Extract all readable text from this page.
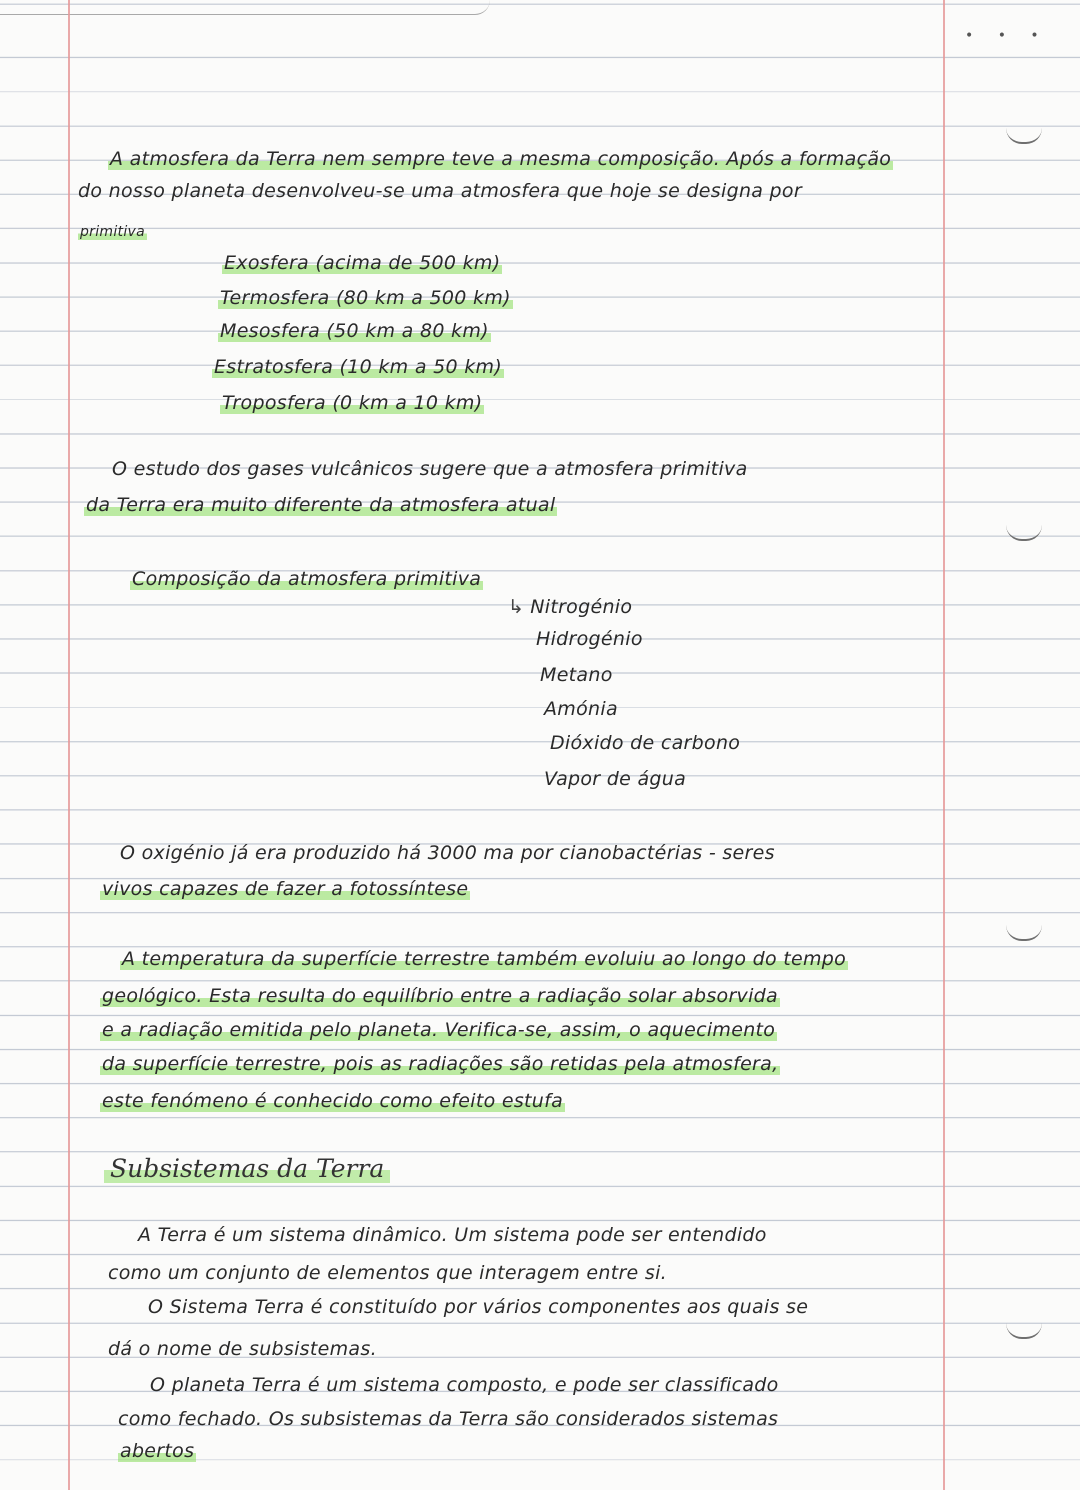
• • •

A atmosfera da Terra nem sempre teve a mesma composição. Após a formação

do nosso planeta desenvolveu-se uma atmosfera que hoje se designa por

primitiva

Exosfera (acima de 500 km)

Termosfera (80 km a 500 km)

Mesosfera (50 km a 80 km)

Estratosfera (10 km a 50 km)

Troposfera (0 km a 10 km)

O estudo dos gases vulcânicos sugere que a atmosfera primitiva

da Terra era muito diferente da atmosfera atual

Composição da atmosfera primitiva

↳ Nitrogénio

Hidrogénio

Metano

Amónia

Dióxido de carbono

Vapor de água

O oxigénio já era produzido há 3000 ma por cianobactérias - seres

vivos capazes de fazer a fotossíntese

A temperatura da superfície terrestre também evoluiu ao longo do tempo

geológico. Esta resulta do equilíbrio entre a radiação solar absorvida

e a radiação emitida pelo planeta. Verifica-se, assim, o aquecimento

da superfície terrestre, pois as radiações são retidas pela atmosfera,

este fenómeno é conhecido como efeito estufa

Subsistemas da Terra

A Terra é um sistema dinâmico. Um sistema pode ser entendido

como um conjunto de elementos que interagem entre si.

O Sistema Terra é constituído por vários componentes aos quais se

dá o nome de subsistemas.

O planeta Terra é um sistema composto, e pode ser classificado

como fechado. Os subsistemas da Terra são considerados sistemas

abertos
